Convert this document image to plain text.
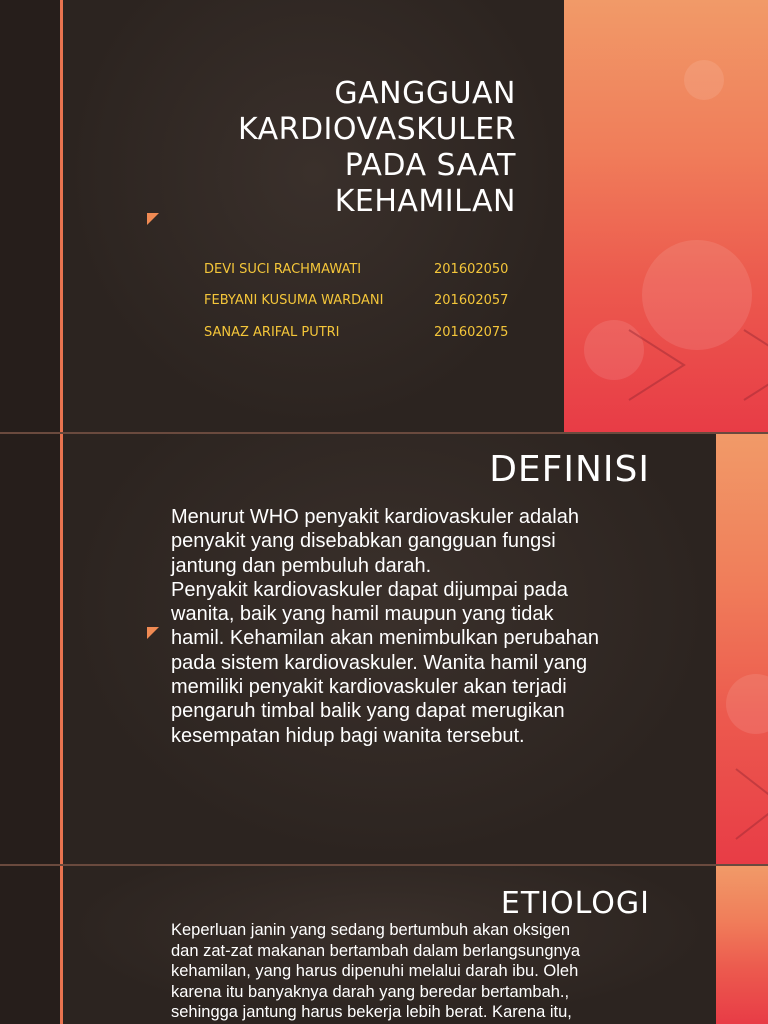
GANGGUAN
KARDIOVASKULER
PADA SAAT
KEHAMILAN
DEVI SUCI RACHMAWATI	201602050
FEBYANI KUSUMA WARDANI	201602057
SANAZ ARIFAL PUTRI	201602075
DEFINISI
Menurut WHO penyakit kardiovaskuler adalah
penyakit yang disebabkan gangguan fungsi
jantung dan pembuluh darah.
Penyakit kardiovaskuler dapat dijumpai pada
wanita, baik yang hamil maupun yang tidak
hamil. Kehamilan akan menimbulkan perubahan
pada sistem kardiovaskuler. Wanita hamil yang
memiliki penyakit kardiovaskuler akan terjadi
pengaruh timbal balik yang dapat merugikan
kesempatan hidup bagi wanita tersebut.
ETIOLOGI
Keperluan janin yang sedang bertumbuh akan oksigen
dan zat-zat makanan bertambah dalam berlangsungnya
kehamilan, yang harus dipenuhi melalui darah ibu. Oleh
karena itu banyaknya darah yang beredar bertambah.,
sehingga jantung harus bekerja lebih berat. Karena itu,
